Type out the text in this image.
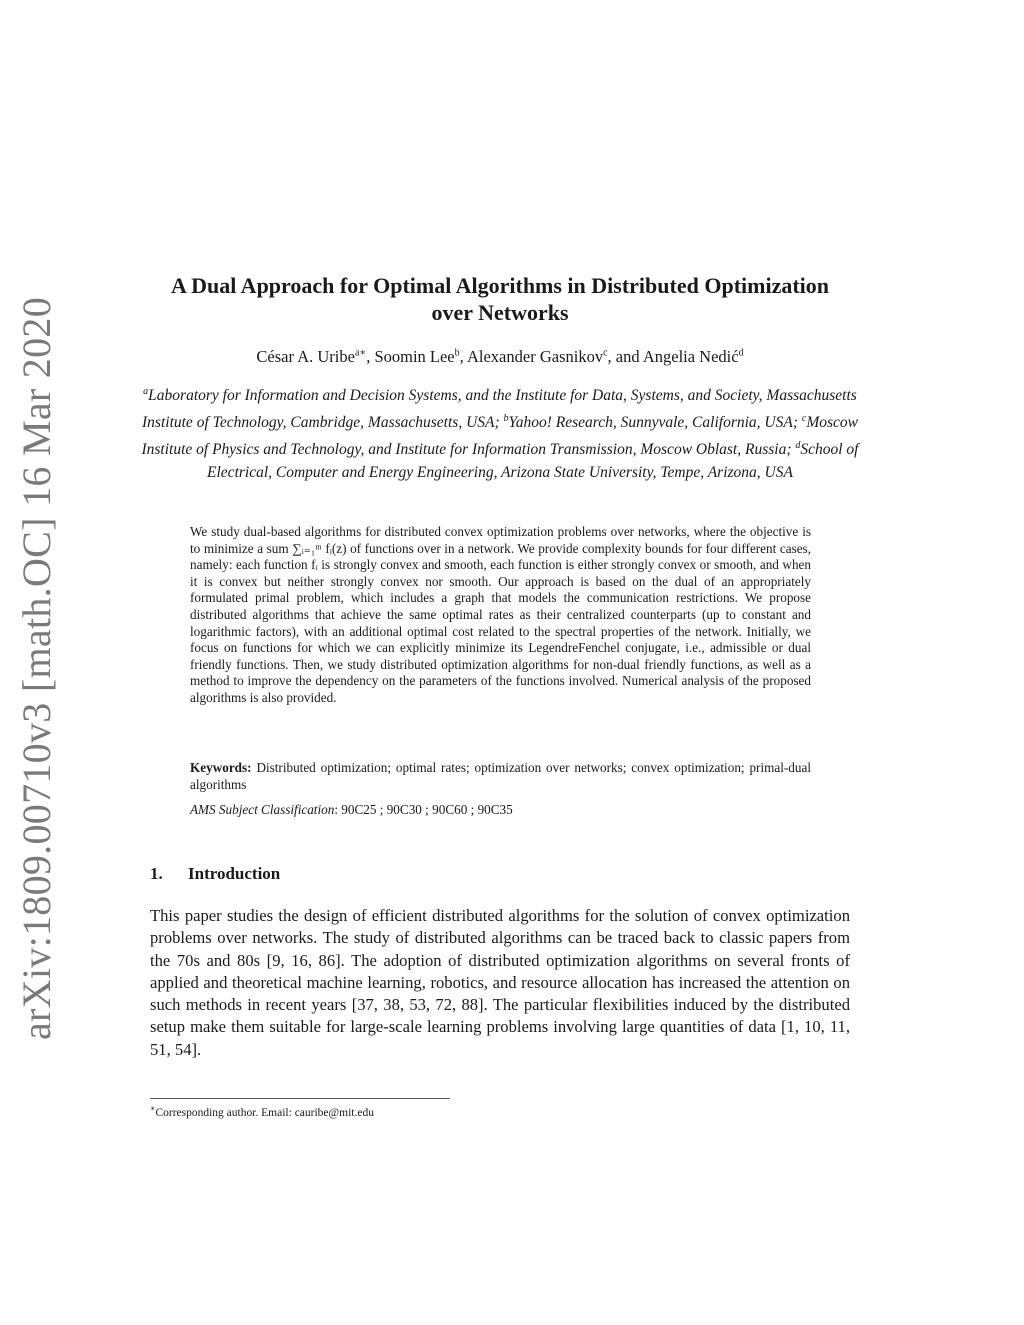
arXiv:1809.00710v3 [math.OC] 16 Mar 2020
A Dual Approach for Optimal Algorithms in Distributed Optimization over Networks
César A. Uribe$^{a∗}$, Soomin Lee$^b$, Alexander Gasnikov$^c$, and Angelia Nedić$^d$
$^a$Laboratory for Information and Decision Systems, and the Institute for Data, Systems, and Society, Massachusetts Institute of Technology, Cambridge, Massachusetts, USA; $^b$Yahoo! Research, Sunnyvale, California, USA; $^c$Moscow Institute of Physics and Technology, and Institute for Information Transmission, Moscow Oblast, Russia; $^d$School of Electrical, Computer and Energy Engineering, Arizona State University, Tempe, Arizona, USA
We study dual-based algorithms for distributed convex optimization problems over networks, where the objective is to minimize a sum ∑ᵢ₌₁ᵐ fᵢ(z) of functions over in a network. We provide complexity bounds for four different cases, namely: each function fᵢ is strongly convex and smooth, each function is either strongly convex or smooth, and when it is convex but neither strongly convex nor smooth. Our approach is based on the dual of an appropriately formulated primal problem, which includes a graph that models the communication restrictions. We propose distributed algorithms that achieve the same optimal rates as their centralized counterparts (up to constant and logarithmic factors), with an additional optimal cost related to the spectral properties of the network. Initially, we focus on functions for which we can explicitly minimize its LegendreFenchel conjugate, i.e., admissible or dual friendly functions. Then, we study distributed optimization algorithms for non-dual friendly functions, as well as a method to improve the dependency on the parameters of the functions involved. Numerical analysis of the proposed algorithms is also provided.
Keywords: Distributed optimization; optimal rates; optimization over networks; convex optimization; primal-dual algorithms
AMS Subject Classification: 90C25 ; 90C30 ; 90C60 ; 90C35
1. Introduction
This paper studies the design of efficient distributed algorithms for the solution of convex optimization problems over networks. The study of distributed algorithms can be traced back to classic papers from the 70s and 80s [9, 16, 86]. The adoption of distributed optimization algorithms on several fronts of applied and theoretical machine learning, robotics, and resource allocation has increased the attention on such methods in recent years [37, 38, 53, 72, 88]. The particular flexibilities induced by the distributed setup make them suitable for large-scale learning problems involving large quantities of data [1, 10, 11, 51, 54].
∗Corresponding author. Email: cauribe@mit.edu
